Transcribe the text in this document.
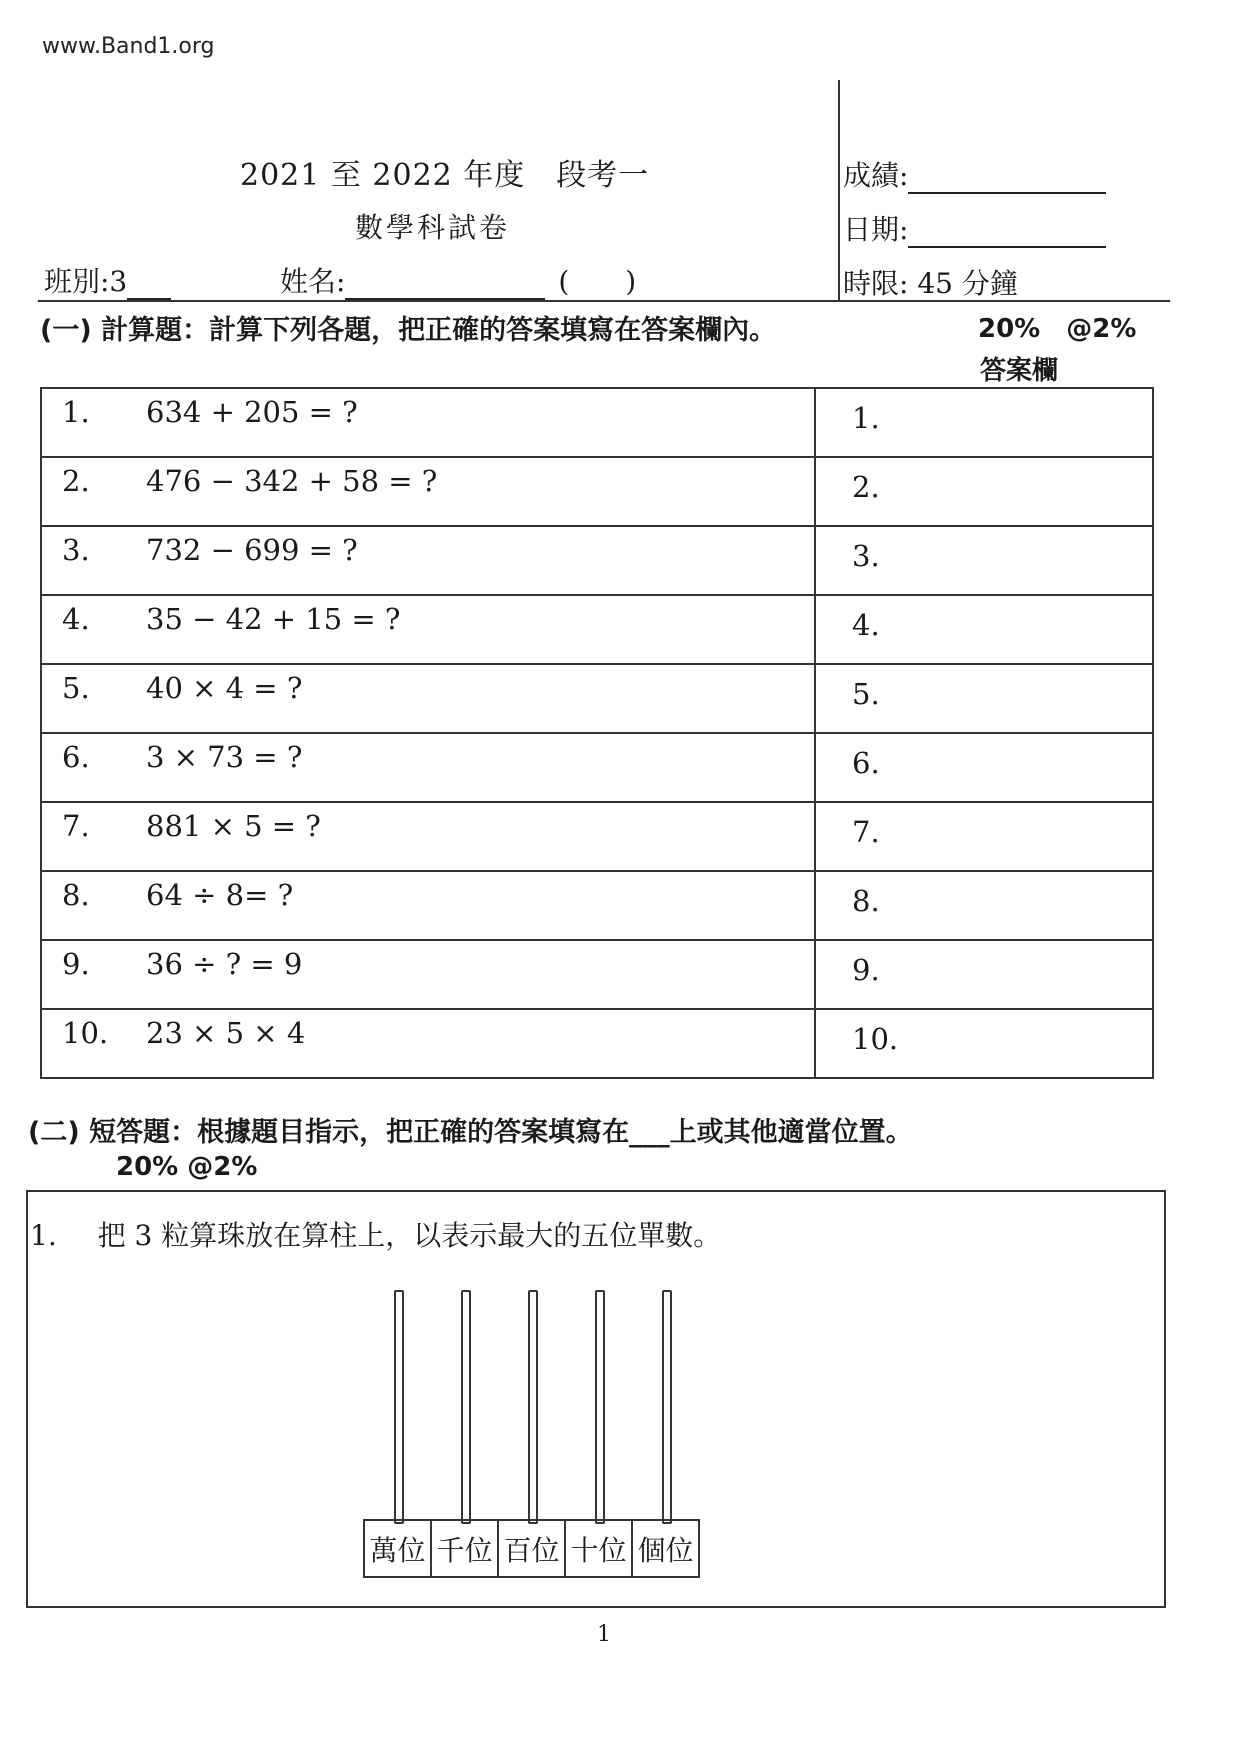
www.Band1.org
2021 至 2022 年度　段考一
數學科試卷
班別:3	姓名:	(　　)
成績:
日期:
時限: 45 分鐘
(一) 計算題：計算下列各題，把正確的答案填寫在答案欄內。	20%　@2%
答案欄
1. 634 + 205 = ?	1.
2. 476 − 342 + 58 = ?	2.
3. 732 − 699 = ?	3.
4. 35 − 42 + 15 = ?	4.
5. 40 × 4 = ?	5.
6. 3 × 73 = ?	6.
7. 881 × 5 = ?	7.
8. 64 ÷ 8= ?	8.
9. 36 ÷ ? = 9	9.
10. 23 × 5 × 4	10.
(二) 短答題：根據題目指示，把正確的答案填寫在___上或其他適當位置。
20% @2%
1. 把 3 粒算珠放在算柱上，以表示最大的五位單數。
萬位 千位 百位 十位 個位
1
